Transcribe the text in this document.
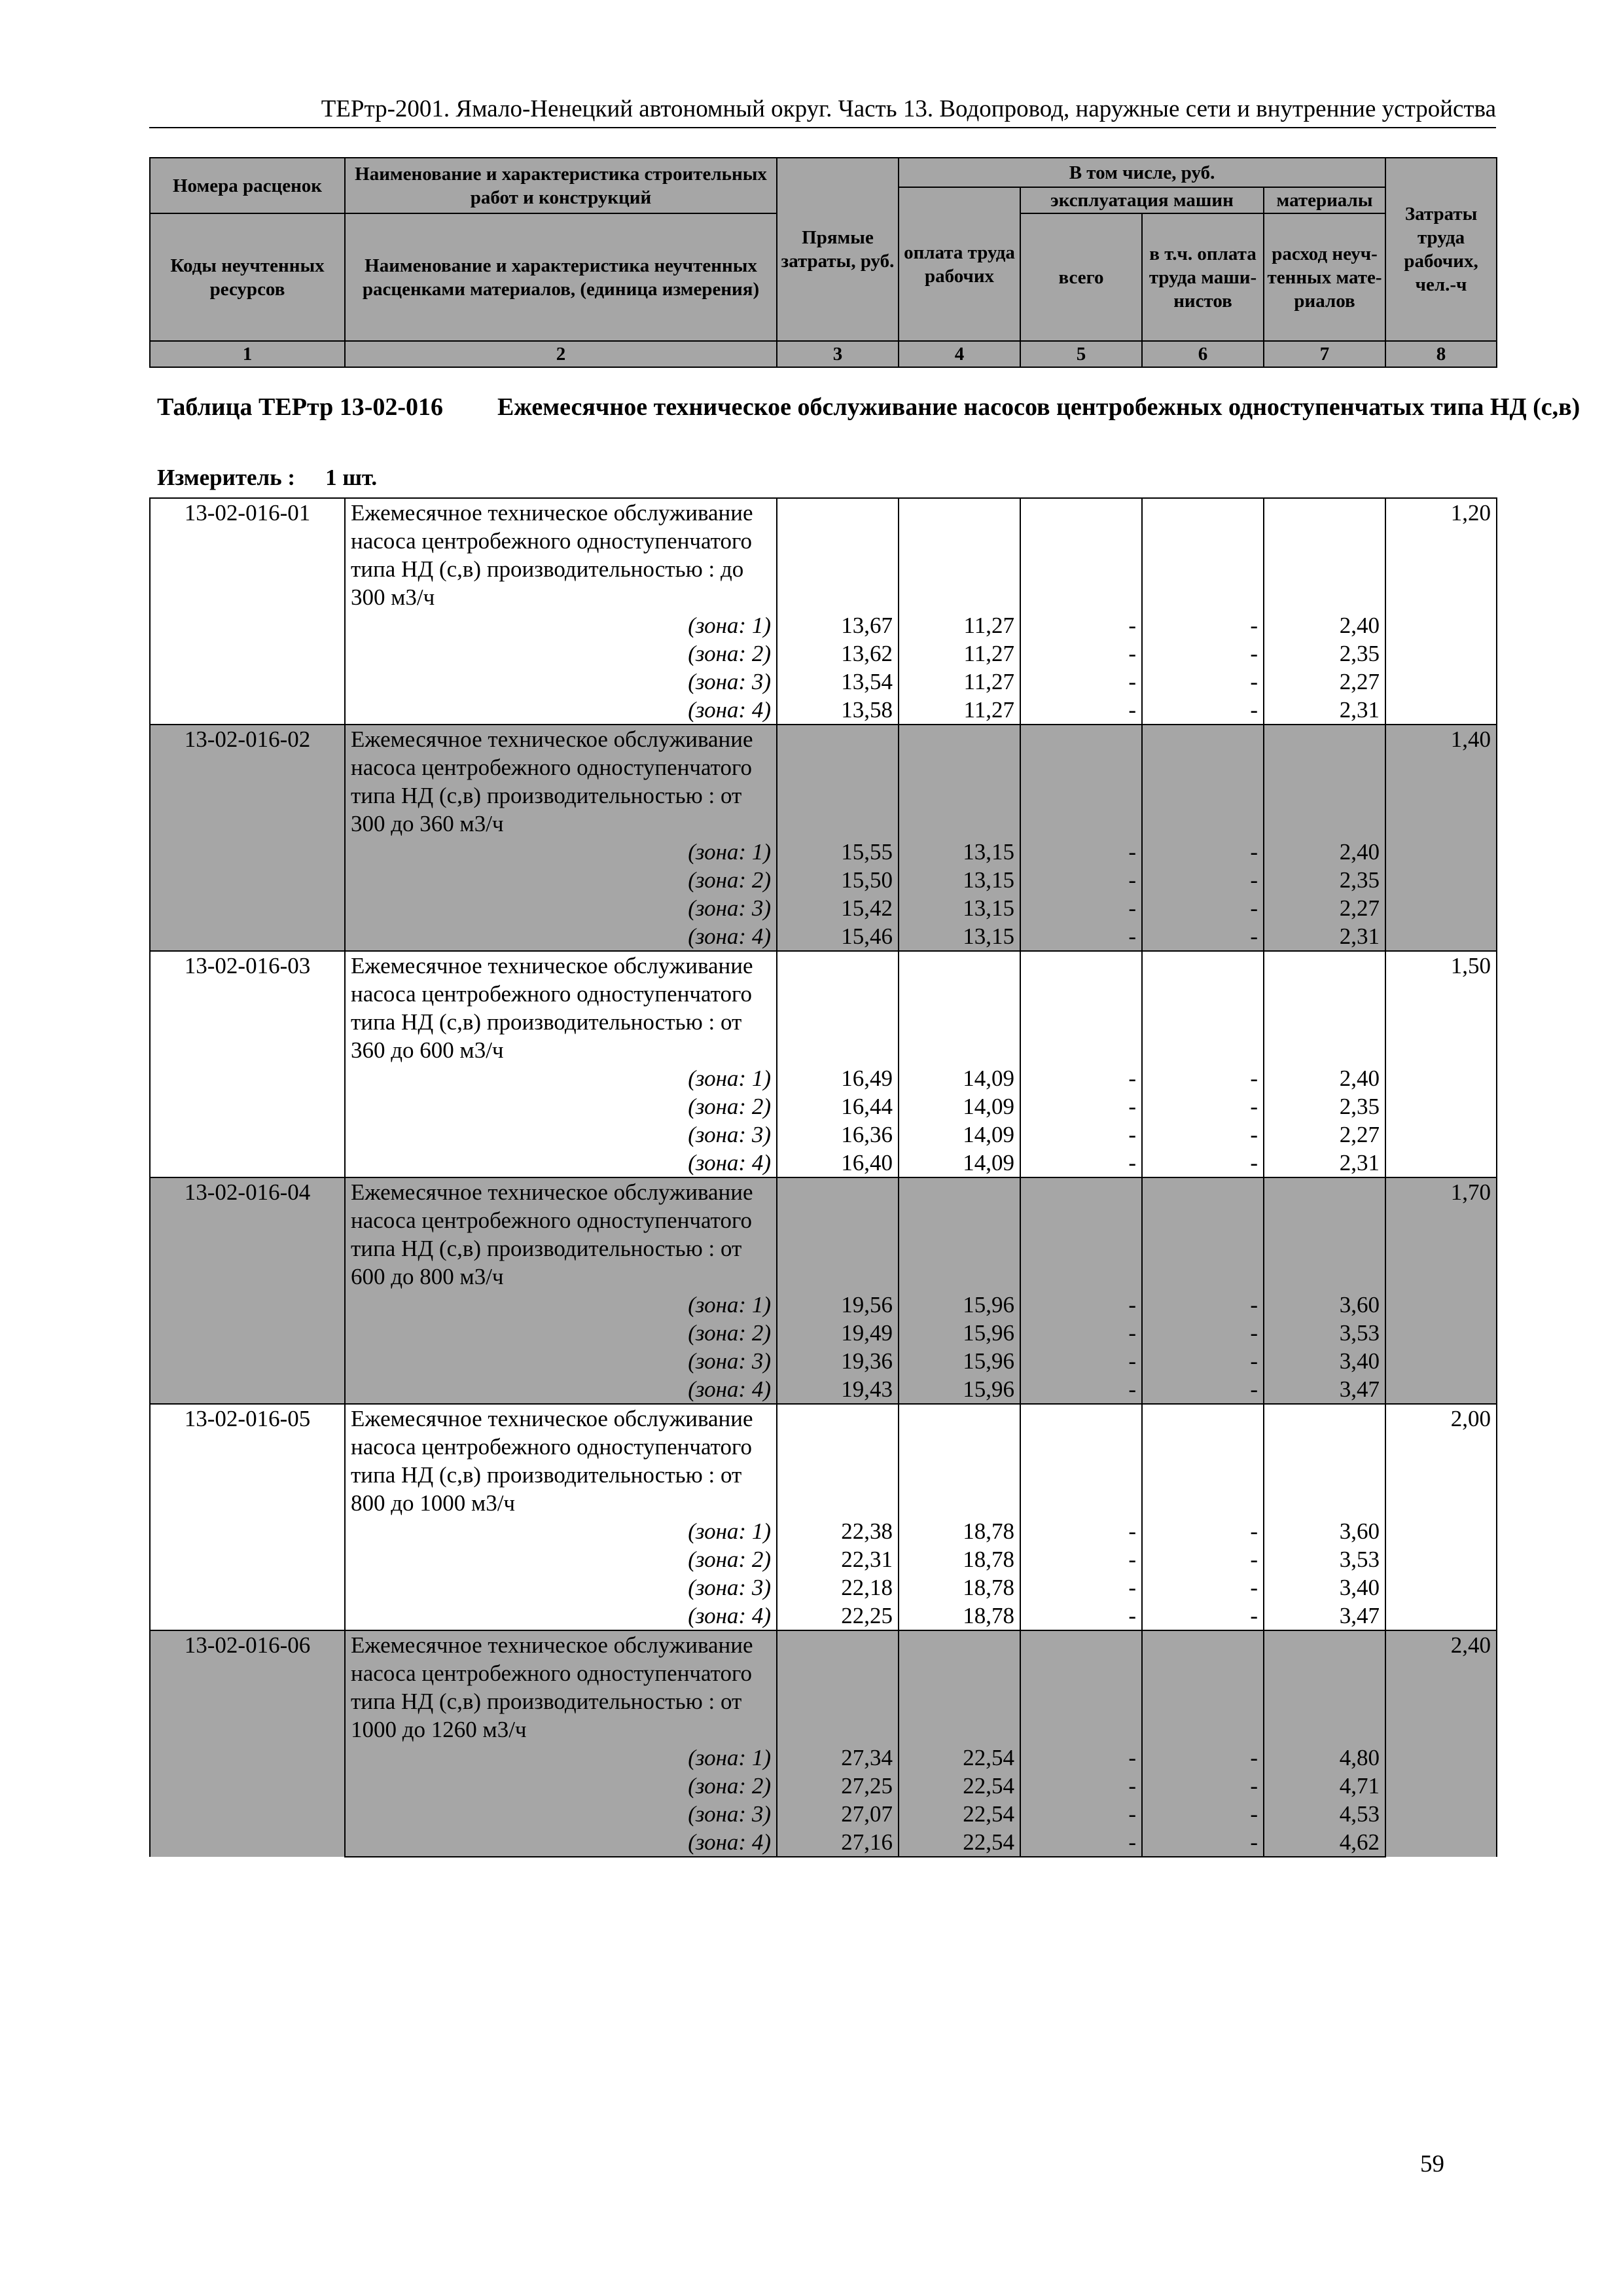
ТЕРтр-2001. Ямало-Ненецкий автономный округ. Часть 13. Водопровод, наружные сети и внутренние устройства
Номера расценок	Наименование и характеристика строительных работ и конструкций	Прямые затраты, руб.	В том числе, руб.				Затраты труда рабочих, чел.-ч
			оплата труда рабочих	эксплуатация машин		материалы	
Коды неучтенных ресурсов	Наименование и характеристика неучтенных расценками материалов, (единица измерения)			всего	в т.ч. оплата труда маши-нистов	расход неуч-тенных мате-риалов	
1	2	3	4	5	6	7	8
Таблица ТЕРтр 13-02-016 Ежемесячное техническое обслуживание насосов центробежных одноступенчатых типа НД (с,в)
Измеритель : 1 шт.
13-02-016-01	Ежемесячное техническое обслуживание насоса центробежного одноступенчатого типа НД (с,в) производительностью : до 300 м3/ч						1,20

	(зона: 1)	13,67	11,27	-	-	2,40	
	(зона: 2)	13,62	11,27	-	-	2,35	
	(зона: 3)	13,54	11,27	-	-	2,27	
	(зона: 4)	13,58	11,27	-	-	2,31	
13-02-016-02	Ежемесячное техническое обслуживание насоса центробежного одноступенчатого типа НД (с,в) производительностью : от 300 до 360 м3/ч						1,40

	(зона: 1)	15,55	13,15	-	-	2,40	
	(зона: 2)	15,50	13,15	-	-	2,35	
	(зона: 3)	15,42	13,15	-	-	2,27	
	(зона: 4)	15,46	13,15	-	-	2,31	
13-02-016-03	Ежемесячное техническое обслуживание насоса центробежного одноступенчатого типа НД (с,в) производительностью : от 360 до 600 м3/ч						1,50

	(зона: 1)	16,49	14,09	-	-	2,40	
	(зона: 2)	16,44	14,09	-	-	2,35	
	(зона: 3)	16,36	14,09	-	-	2,27	
	(зона: 4)	16,40	14,09	-	-	2,31	
13-02-016-04	Ежемесячное техническое обслуживание насоса центробежного одноступенчатого типа НД (с,в) производительностью : от 600 до 800 м3/ч						1,70

	(зона: 1)	19,56	15,96	-	-	3,60	
	(зона: 2)	19,49	15,96	-	-	3,53	
	(зона: 3)	19,36	15,96	-	-	3,40	
	(зона: 4)	19,43	15,96	-	-	3,47	
13-02-016-05	Ежемесячное техническое обслуживание насоса центробежного одноступенчатого типа НД (с,в) производительностью : от 800 до 1000 м3/ч						2,00

	(зона: 1)	22,38	18,78	-	-	3,60	
	(зона: 2)	22,31	18,78	-	-	3,53	
	(зона: 3)	22,18	18,78	-	-	3,40	
	(зона: 4)	22,25	18,78	-	-	3,47	
13-02-016-06	Ежемесячное техническое обслуживание насоса центробежного одноступенчатого типа НД (с,в) производительностью : от 1000 до 1260 м3/ч						2,40

	(зона: 1)	27,34	22,54	-	-	4,80	
	(зона: 2)	27,25	22,54	-	-	4,71	
	(зона: 3)	27,07	22,54	-	-	4,53	
	(зона: 4)	27,16	22,54	-	-	4,62	
59
